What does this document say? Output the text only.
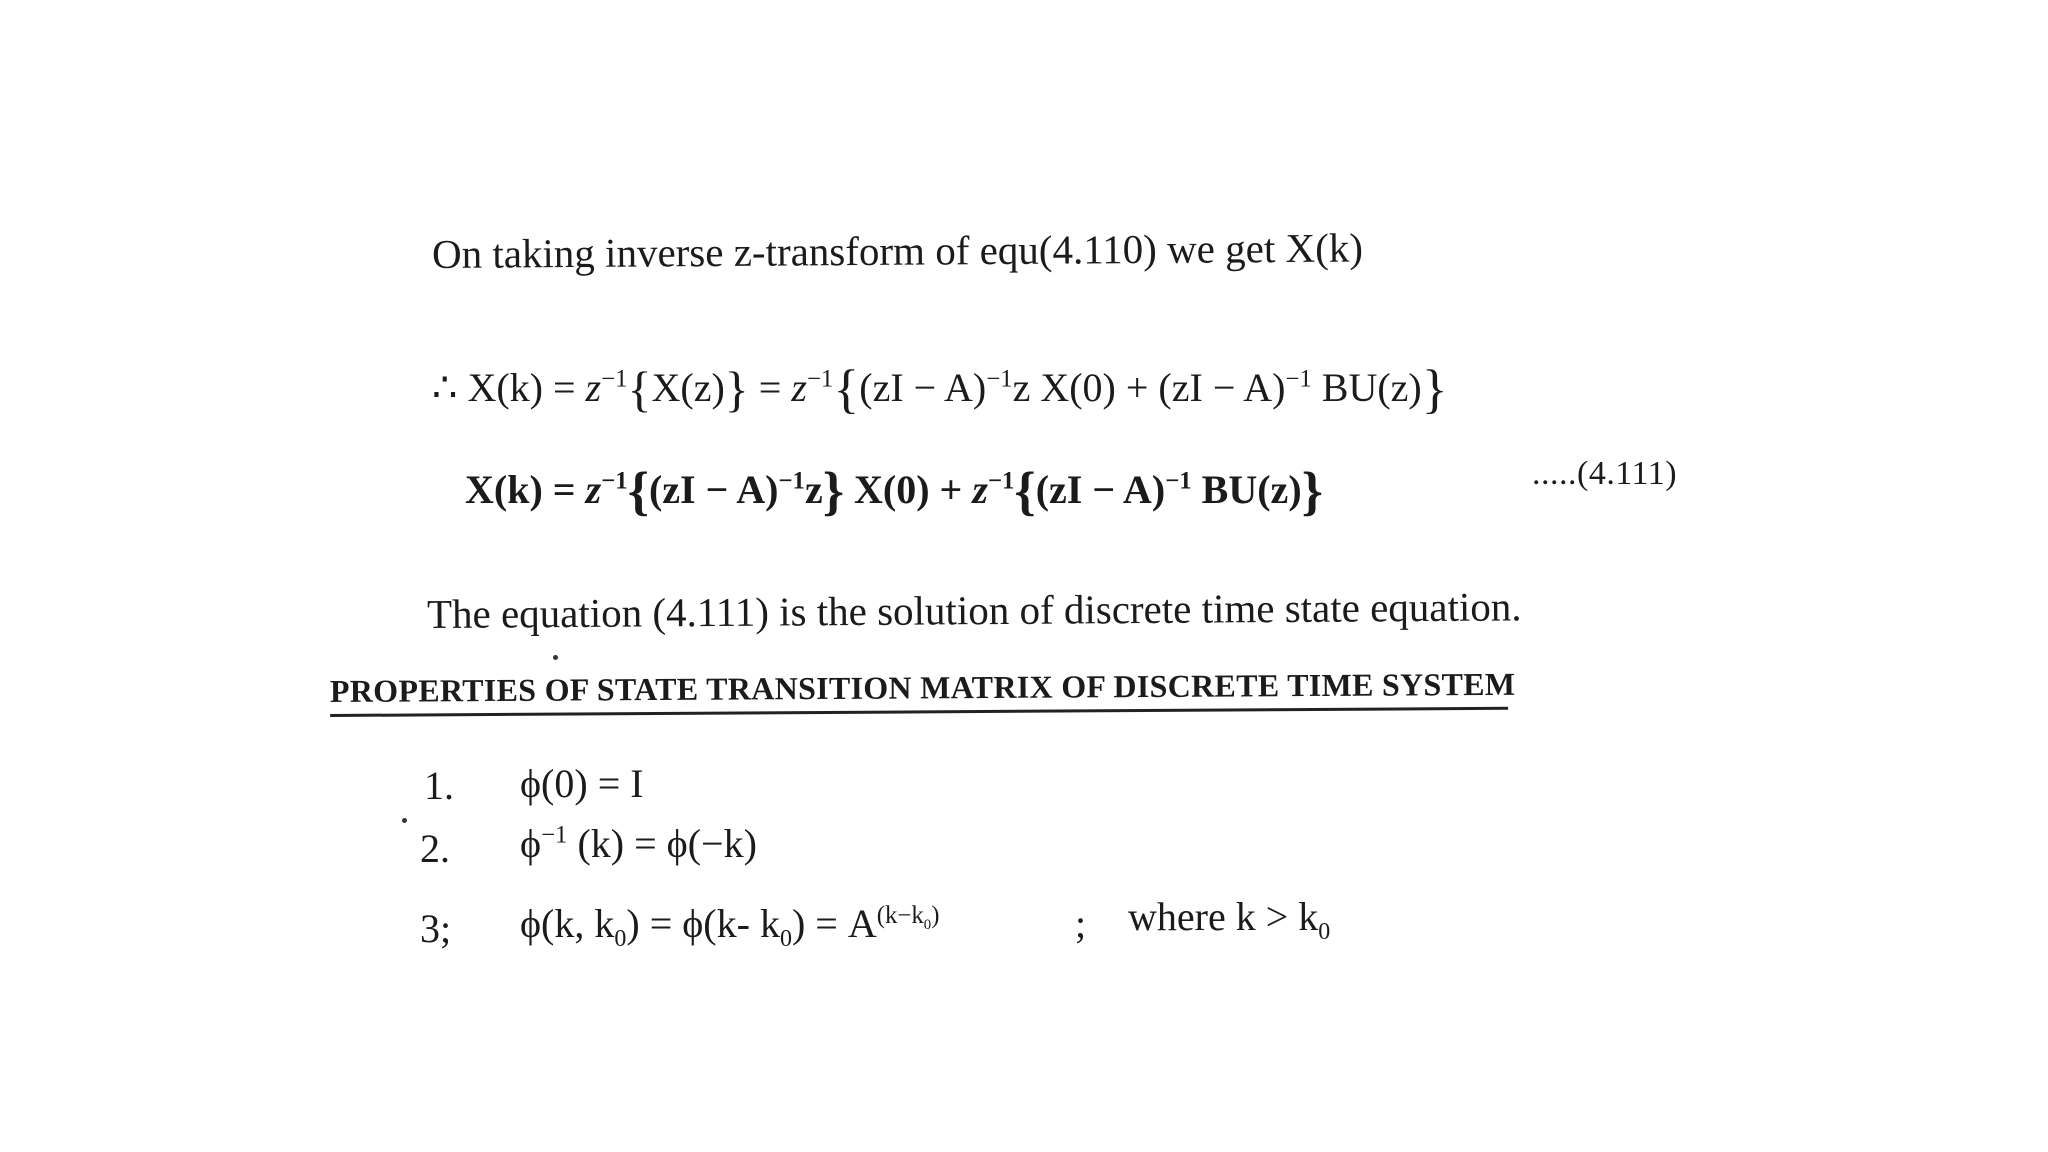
On taking inverse z-transform of equ(4.110) we get X(k)
∴ $X(k) = z^{-1}\{X(z)\} = z^{-1}\{(zI - A)^{-1}z$ X(0) + (zI − A)$^{-1}$ BU(z)}
$X(k) = z^{-1}\{(zI - A)^{-1}z\} X(0) + z^{-1}\{(zI - A)^{-1}$ BU(z)}	.....(4.111)
The equation (4.111) is the solution of discrete time state equation.
PROPERTIES OF STATE TRANSITION MATRIX OF DISCRETE TIME SYSTEM
1. ϕ(0) = I
2. $\phi^{-1}$ (k) = ϕ(−k)
3; ϕ(k, $k_0) = \phi(k-$ $k_0) = A^{(k-k_0)}$	; where $k > k_0$
